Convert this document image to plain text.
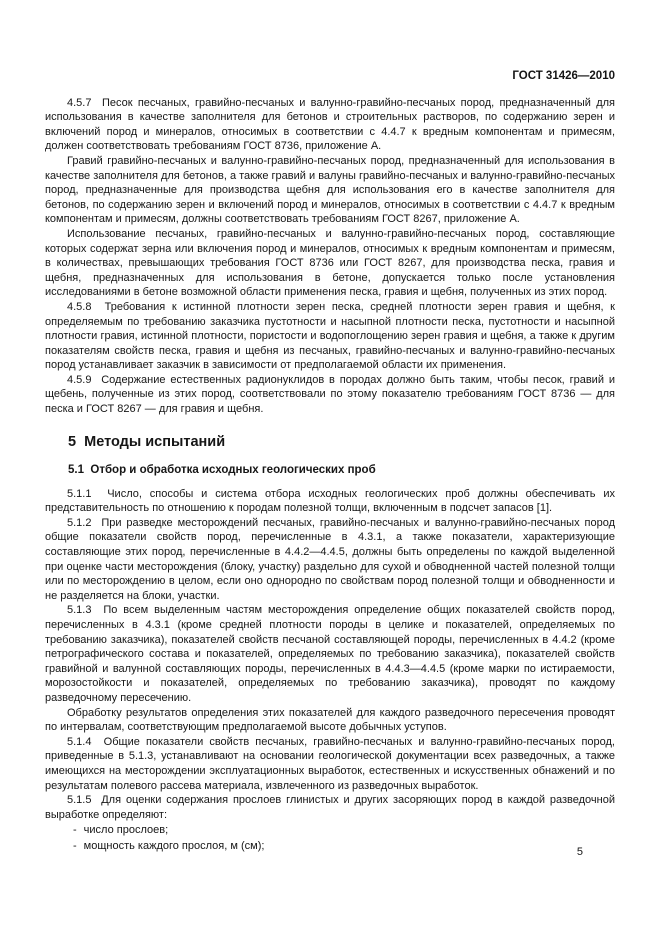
ГОСТ 31426—2010

4.5.7  Песок песчаных, гравийно-песчаных и валунно-гравийно-песчаных пород, предназначенный для использования в качестве заполнителя для бетонов и строительных растворов, по содержанию зерен и включений пород и минералов, относимых в соответствии с 4.4.7 к вредным компонентам и примесям, должен соответствовать требованиям ГОСТ 8736, приложение А.

Гравий гравийно-песчаных и валунно-гравийно-песчаных пород, предназначенный для использования в качестве заполнителя для бетонов, а также гравий и валуны гравийно-песчаных и валунно-гравийно-песчаных пород, предназначенные для производства щебня для использования его в качестве заполнителя для бетонов, по содержанию зерен и включений пород и минералов, относимых в соответствии с 4.4.7 к вредным компонентам и примесям, должны соответствовать требованиям ГОСТ 8267, приложение А.

Использование песчаных, гравийно-песчаных и валунно-гравийно-песчаных пород, составляющие которых содержат зерна или включения пород и минералов, относимых к вредным компонентам и примесям, в количествах, превышающих требования ГОСТ 8736 или ГОСТ 8267, для производства песка, гравия и щебня, предназначенных для использования в бетоне, допускается только после установления исследованиями в бетоне возможной области применения песка, гравия и щебня, полученных из этих пород.

4.5.8  Требования к истинной плотности зерен песка, средней плотности зерен гравия и щебня, к определяемым по требованию заказчика пустотности и насыпной плотности песка, пустотности и насыпной плотности гравия, истинной плотности, пористости и водопоглощению зерен гравия и щебня, а также к другим показателям свойств песка, гравия и щебня из песчаных, гравийно-песчаных и валунно-гравийно-песчаных пород устанавливает заказчик в зависимости от предполагаемой области их применения.

4.5.9  Содержание естественных радионуклидов в породах должно быть таким, чтобы песок, гравий и щебень, полученные из этих пород, соответствовали по этому показателю требованиям ГОСТ 8736 — для песка и ГОСТ 8267 — для гравия и щебня.

5  Методы испытаний
5.1  Отбор и обработка исходных геологических проб

5.1.1  Число, способы и система отбора исходных геологических проб должны обеспечивать их представительность по отношению к породам полезной толщи, включенным в подсчет запасов [1].

5.1.2  При разведке месторождений песчаных, гравийно-песчаных и валунно-гравийно-песчаных пород общие показатели свойств пород, перечисленные в 4.3.1, а также показатели, характеризующие составляющие этих пород, перечисленные в 4.4.2—4.4.5, должны быть определены по каждой выделенной при оценке части месторождения (блоку, участку) раздельно для сухой и обводненной частей полезной толщи или по месторождению в целом, если оно однородно по свойствам пород полезной толщи и обводненности и не разделяется на блоки, участки.

5.1.3  По всем выделенным частям месторождения определение общих показателей свойств пород, перечисленных в 4.3.1 (кроме средней плотности породы в целике и показателей, определяемых по требованию заказчика), показателей свойств песчаной составляющей породы, перечисленных в 4.4.2 (кроме петрографического состава и показателей, определяемых по требованию заказчика), показателей свойств гравийной и валунной составляющих породы, перечисленных в 4.4.3—4.4.5 (кроме марки по истираемости, морозостойкости и показателей, определяемых по требованию заказчика), проводят по каждому разведочному пересечению.

Обработку результатов определения этих показателей для каждого разведочного пересечения проводят по интервалам, соответствующим предполагаемой высоте добычных уступов.

5.1.4  Общие показатели свойств песчаных, гравийно-песчаных и валунно-гравийно-песчаных пород, приведенные в 5.1.3, устанавливают на основании геологической документации всех разведочных, а также имеющихся на месторождении эксплуатационных выработок, естественных и искусственных обнажений и по результатам полевого рассева материала, извлеченного из разведочных выработок.

5.1.5  Для оценки содержания прослоев глинистых и других засоряющих пород в каждой разведочной выработке определяют:

- число прослоев;
- мощность каждого прослоя, м (см);
5
